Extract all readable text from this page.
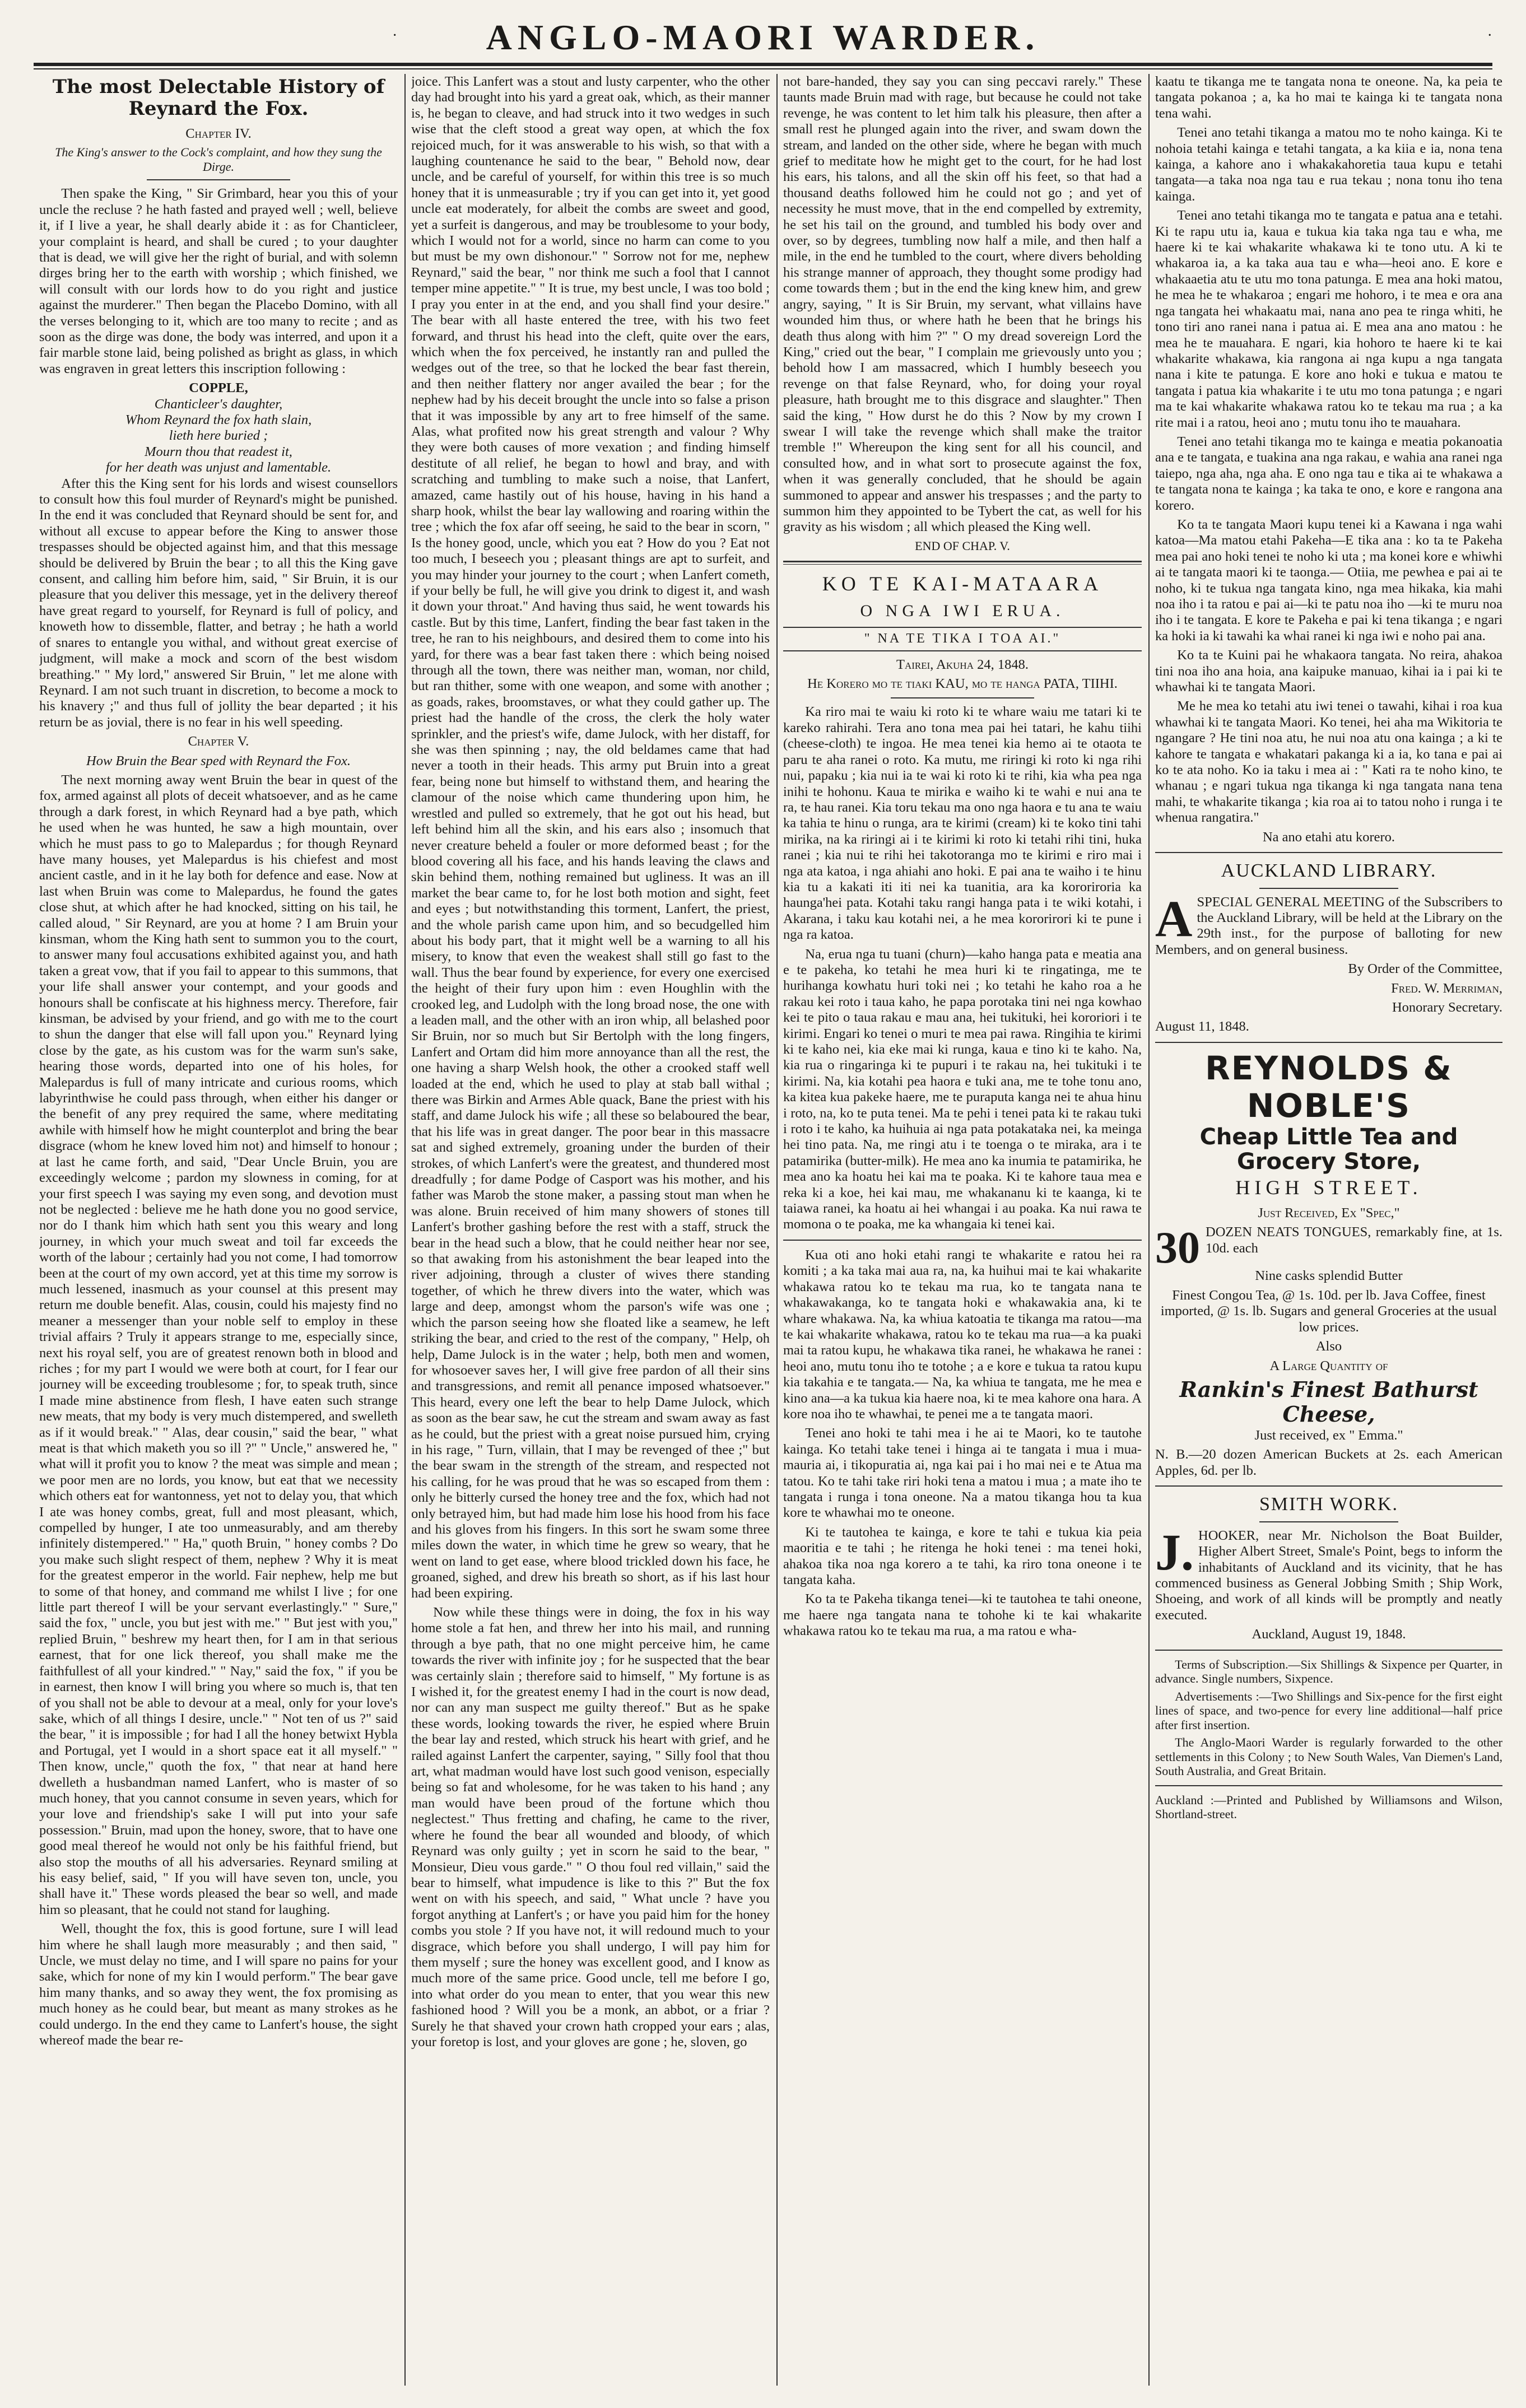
· ANGLO-MAORI WARDER.	·
The most Delectable History of Reynard the Fox.

Chapter IV.

The King's answer to the Cock's complaint, and how they sung the Dirge.

Then spake the King, " Sir Grimbard, hear you this of your uncle the recluse ? he hath fasted and prayed well ; well, believe it, if I live a year, he shall dearly abide it : as for Chanticleer, your complaint is heard, and shall be cured ; to your daughter that is dead, we will give her the right of burial, and with solemn dirges bring her to the earth with worship ; which finished, we will consult with our lords how to do you right and justice against the murderer." Then began the Placebo Domino, with all the verses belonging to it, which are too many to recite ; and as soon as the dirge was done, the body was interred, and upon it a fair marble stone laid, being polished as bright as glass, in which was engraven in great letters this inscription following :

COPPLE,

Chanticleer's daughter,

Whom Reynard the fox hath slain,

lieth here buried ;

Mourn thou that readest it,

for her death was unjust and lamentable.

After this the King sent for his lords and wisest counsellors to consult how this foul murder of Reynard's might be punished. In the end it was concluded that Reynard should be sent for, and without all excuse to appear before the King to answer those trespasses should be objected against him, and that this message should be delivered by Bruin the bear ; to all this the King gave consent, and calling him before him, said, " Sir Bruin, it is our pleasure that you deliver this message, yet in the delivery thereof have great regard to yourself, for Reynard is full of policy, and knoweth how to dissemble, flatter, and betray ; he hath a world of snares to entangle you withal, and without great exercise of judgment, will make a mock and scorn of the best wisdom breathing." " My lord," answered Sir Bruin, " let me alone with Reynard. I am not such truant in discretion, to become a mock to his knavery ;" and thus full of jollity the bear departed ; it his return be as jovial, there is no fear in his well speeding.

Chapter V.

How Bruin the Bear sped with Reynard the Fox.

The next morning away went Bruin the bear in quest of the fox, armed against all plots of deceit whatsoever, and as he came through a dark forest, in which Reynard had a bye path, which he used when he was hunted, he saw a high mountain, over which he must pass to go to Malepardus ; for though Reynard have many houses, yet Malepardus is his chiefest and most ancient castle, and in it he lay both for defence and ease. Now at last when Bruin was come to Malepardus, he found the gates close shut, at which after he had knocked, sitting on his tail, he called aloud, " Sir Reynard, are you at home ? I am Bruin your kinsman, whom the King hath sent to summon you to the court, to answer many foul accusations exhibited against you, and hath taken a great vow, that if you fail to appear to this summons, that your life shall answer your contempt, and your goods and honours shall be confiscate at his highness mercy. Therefore, fair kinsman, be advised by your friend, and go with me to the court to shun the danger that else will fall upon you." Reynard lying close by the gate, as his custom was for the warm sun's sake, hearing those words, departed into one of his holes, for Malepardus is full of many intricate and curious rooms, which labyrinthwise he could pass through, when either his danger or the benefit of any prey required the same, where meditating awhile with himself how he might counterplot and bring the bear disgrace (whom he knew loved him not) and himself to honour ; at last he came forth, and said, "Dear Uncle Bruin, you are exceedingly welcome ; pardon my slowness in coming, for at your first speech I was saying my even song, and devotion must not be neglected : believe me he hath done you no good service, nor do I thank him which hath sent you this weary and long journey, in which your much sweat and toil far exceeds the worth of the labour ; certainly had you not come, I had tomorrow been at the court of my own accord, yet at this time my sorrow is much lessened, inasmuch as your counsel at this present may return me double benefit. Alas, cousin, could his majesty find no meaner a messenger than your noble self to employ in these trivial affairs ? Truly it appears strange to me, especially since, next his royal self, you are of greatest renown both in blood and riches ; for my part I would we were both at court, for I fear our journey will be exceeding troublesome ; for, to speak truth, since I made mine abstinence from flesh, I have eaten such strange new meats, that my body is very much distempered, and swelleth as if it would break." " Alas, dear cousin," said the bear, " what meat is that which maketh you so ill ?" " Uncle," answered he, " what will it profit you to know ? the meat was simple and mean ; we poor men are no lords, you know, but eat that we necessity which others eat for wantonness, yet not to delay you, that which I ate was honey combs, great, full and most pleasant, which, compelled by hunger, I ate too unmeasurably, and am thereby infinitely distempered." " Ha," quoth Bruin, " honey combs ? Do you make such slight respect of them, nephew ? Why it is meat for the greatest emperor in the world. Fair nephew, help me but to some of that honey, and command me whilst I live ; for one little part thereof I will be your servant everlastingly." " Sure," said the fox, " uncle, you but jest with me." " But jest with you," replied Bruin, " beshrew my heart then, for I am in that serious earnest, that for one lick thereof, you shall make me the faithfullest of all your kindred." " Nay," said the fox, " if you be in earnest, then know I will bring you where so much is, that ten of you shall not be able to devour at a meal, only for your love's sake, which of all things I desire, uncle." " Not ten of us ?" said the bear, " it is impossible ; for had I all the honey betwixt Hybla and Portugal, yet I would in a short space eat it all myself." " Then know, uncle," quoth the fox, " that near at hand here dwelleth a husbandman named Lanfert, who is master of so much honey, that you cannot consume in seven years, which for your love and friendship's sake I will put into your safe possession." Bruin, mad upon the honey, swore, that to have one good meal thereof he would not only be his faithful friend, but also stop the mouths of all his adversaries. Reynard smiling at his easy belief, said, " If you will have seven ton, uncle, you shall have it." These words pleased the bear so well, and made him so pleasant, that he could not stand for laughing.

Well, thought the fox, this is good fortune, sure I will lead him where he shall laugh more measurably ; and then said, " Uncle, we must delay no time, and I will spare no pains for your sake, which for none of my kin I would perform." The bear gave him many thanks, and so away they went, the fox promising as much honey as he could bear, but meant as many strokes as he could undergo. In the end they came to Lanfert's house, the sight whereof made the bear re-

joice. This Lanfert was a stout and lusty carpenter, who the other day had brought into his yard a great oak, which, as their manner is, he began to cleave, and had struck into it two wedges in such wise that the cleft stood a great way open, at which the fox rejoiced much, for it was answerable to his wish, so that with a laughing countenance he said to the bear, " Behold now, dear uncle, and be careful of yourself, for within this tree is so much honey that it is unmeasurable ; try if you can get into it, yet good uncle eat moderately, for albeit the combs are sweet and good, yet a surfeit is dangerous, and may be troublesome to your body, which I would not for a world, since no harm can come to you but must be my own dishonour." " Sorrow not for me, nephew Reynard," said the bear, " nor think me such a fool that I cannot temper mine appetite." " It is true, my best uncle, I was too bold ; I pray you enter in at the end, and you shall find your desire." The bear with all haste entered the tree, with his two feet forward, and thrust his head into the cleft, quite over the ears, which when the fox perceived, he instantly ran and pulled the wedges out of the tree, so that he locked the bear fast therein, and then neither flattery nor anger availed the bear ; for the nephew had by his deceit brought the uncle into so false a prison that it was impossible by any art to free himself of the same. Alas, what profited now his great strength and valour ? Why they were both causes of more vexation ; and finding himself destitute of all relief, he began to howl and bray, and with scratching and tumbling to make such a noise, that Lanfert, amazed, came hastily out of his house, having in his hand a sharp hook, whilst the bear lay wallowing and roaring within the tree ; which the fox afar off seeing, he said to the bear in scorn, " Is the honey good, uncle, which you eat ? How do you ? Eat not too much, I beseech you ; pleasant things are apt to surfeit, and you may hinder your journey to the court ; when Lanfert cometh, if your belly be full, he will give you drink to digest it, and wash it down your throat." And having thus said, he went towards his castle. But by this time, Lanfert, finding the bear fast taken in the tree, he ran to his neighbours, and desired them to come into his yard, for there was a bear fast taken there : which being noised through all the town, there was neither man, woman, nor child, but ran thither, some with one weapon, and some with another ; as goads, rakes, broomstaves, or what they could gather up. The priest had the handle of the cross, the clerk the holy water sprinkler, and the priest's wife, dame Julock, with her distaff, for she was then spinning ; nay, the old beldames came that had never a tooth in their heads. This army put Bruin into a great fear, being none but himself to withstand them, and hearing the clamour of the noise which came thundering upon him, he wrestled and pulled so extremely, that he got out his head, but left behind him all the skin, and his ears also ; insomuch that never creature beheld a fouler or more deformed beast ; for the blood covering all his face, and his hands leaving the claws and skin behind them, nothing remained but ugliness. It was an ill market the bear came to, for he lost both motion and sight, feet and eyes ; but notwithstanding this torment, Lanfert, the priest, and the whole parish came upon him, and so becudgelled him about his body part, that it might well be a warning to all his misery, to know that even the weakest shall still go fast to the wall. Thus the bear found by experience, for every one exercised the height of their fury upon him : even Houghlin with the crooked leg, and Ludolph with the long broad nose, the one with a leaden mall, and the other with an iron whip, all belashed poor Sir Bruin, nor so much but Sir Bertolph with the long fingers, Lanfert and Ortam did him more annoyance than all the rest, the one having a sharp Welsh hook, the other a crooked staff well loaded at the end, which he used to play at stab ball withal ; there was Birkin and Armes Able quack, Bane the priest with his staff, and dame Julock his wife ; all these so belaboured the bear, that his life was in great danger. The poor bear in this massacre sat and sighed extremely, groaning under the burden of their strokes, of which Lanfert's were the greatest, and thundered most dreadfully ; for dame Podge of Casport was his mother, and his father was Marob the stone maker, a passing stout man when he was alone. Bruin received of him many showers of stones till Lanfert's brother gashing before the rest with a staff, struck the bear in the head such a blow, that he could neither hear nor see, so that awaking from his astonishment the bear leaped into the river adjoining, through a cluster of wives there standing together, of which he threw divers into the water, which was large and deep, amongst whom the parson's wife was one ; which the parson seeing how she floated like a seamew, he left striking the bear, and cried to the rest of the company, " Help, oh help, Dame Julock is in the water ; help, both men and women, for whosoever saves her, I will give free pardon of all their sins and transgressions, and remit all penance imposed whatsoever." This heard, every one left the bear to help Dame Julock, which as soon as the bear saw, he cut the stream and swam away as fast as he could, but the priest with a great noise pursued him, crying in his rage, " Turn, villain, that I may be revenged of thee ;" but the bear swam in the strength of the stream, and respected not his calling, for he was proud that he was so escaped from them : only he bitterly cursed the honey tree and the fox, which had not only betrayed him, but had made him lose his hood from his face and his gloves from his fingers. In this sort he swam some three miles down the water, in which time he grew so weary, that he went on land to get ease, where blood trickled down his face, he groaned, sighed, and drew his breath so short, as if his last hour had been expiring.

Now while these things were in doing, the fox in his way home stole a fat hen, and threw her into his mail, and running through a bye path, that no one might perceive him, he came towards the river with infinite joy ; for he suspected that the bear was certainly slain ; therefore said to himself, " My fortune is as I wished it, for the greatest enemy I had in the court is now dead, nor can any man suspect me guilty thereof." But as he spake these words, looking towards the river, he espied where Bruin the bear lay and rested, which struck his heart with grief, and he railed against Lanfert the carpenter, saying, " Silly fool that thou art, what madman would have lost such good venison, especially being so fat and wholesome, for he was taken to his hand ; any man would have been proud of the fortune which thou neglectest." Thus fretting and chafing, he came to the river, where he found the bear all wounded and bloody, of which Reynard was only guilty ; yet in scorn he said to the bear, " Monsieur, Dieu vous garde." " O thou foul red villain," said the bear to himself, what impudence is like to this ?" But the fox went on with his speech, and said, " What uncle ? have you forgot anything at Lanfert's ; or have you paid him for the honey combs you stole ? If you have not, it will redound much to your disgrace, which before you shall undergo, I will pay him for them myself ; sure the honey was excellent good, and I know as much more of the same price. Good uncle, tell me before I go, into what order do you mean to enter, that you wear this new fashioned hood ? Will you be a monk, an abbot, or a friar ? Surely he that shaved your crown hath cropped your ears ; alas, your foretop is lost, and your gloves are gone ; he, sloven, go

not bare-handed, they say you can sing peccavi rarely." These taunts made Bruin mad with rage, but because he could not take revenge, he was content to let him talk his pleasure, then after a small rest he plunged again into the river, and swam down the stream, and landed on the other side, where he began with much grief to meditate how he might get to the court, for he had lost his ears, his talons, and all the skin off his feet, so that had a thousand deaths followed him he could not go ; and yet of necessity he must move, that in the end compelled by extremity, he set his tail on the ground, and tumbled his body over and over, so by degrees, tumbling now half a mile, and then half a mile, in the end he tumbled to the court, where divers beholding his strange manner of approach, they thought some prodigy had come towards them ; but in the end the king knew him, and grew angry, saying, " It is Sir Bruin, my servant, what villains have wounded him thus, or where hath he been that he brings his death thus along with him ?" " O my dread sovereign Lord the King," cried out the bear, " I complain me grievously unto you ; behold how I am massacred, which I humbly beseech you revenge on that false Reynard, who, for doing your royal pleasure, hath brought me to this disgrace and slaughter." Then said the king, " How durst he do this ? Now by my crown I swear I will take the revenge which shall make the traitor tremble !" Whereupon the king sent for all his council, and consulted how, and in what sort to prosecute against the fox, when it was generally concluded, that he should be again summoned to appear and answer his trespasses ; and the party to summon him they appointed to be Tybert the cat, as well for his gravity as his wisdom ; all which pleased the King well.

END OF CHAP. V.

KO TE KAI-MATAARA
O NGA IWI ERUA.
" NA TE TIKA I TOA AI."

Tairei, Akuha 24, 1848.

He Korero mo te tiaki KAU, mo te hanga PATA, TIIHI.

Ka riro mai te waiu ki roto ki te whare waiu me tatari ki te kareko rahirahi. Tera ano tona mea pai hei tatari, he kahu tiihi (cheese-cloth) te ingoa. He mea tenei kia hemo ai te otaota te paru te aha ranei o roto. Ka mutu, me riringi ki roto ki nga rihi nui, papaku ; kia nui ia te wai ki roto ki te rihi, kia wha pea nga inihi te hohonu. Kaua te mirika e waiho ki te wahi e nui ana te ra, te hau ranei. Kia toru tekau ma ono nga haora e tu ana te waiu ka tahia te hinu o runga, ara te kirimi (cream) ki te koko tini tahi mirika, na ka riringi ai i te kirimi ki roto ki tetahi rihi tini, huka ranei ; kia nui te rihi hei takotoranga mo te kirimi e riro mai i nga ata katoa, i nga ahiahi ano hoki. E pai ana te waiho i te hinu kia tu a kakati iti iti nei ka tuanitia, ara ka kororiroria ka haunga'hei pata. Kotahi taku rangi hanga pata i te wiki kotahi, i Akarana, i taku kau kotahi nei, a he mea kororirori ki te pune i nga ra katoa.

Na, erua nga tu tuani (churn)—kaho hanga pata e meatia ana e te pakeha, ko tetahi he mea huri ki te ringatinga, me te hurihanga kowhatu huri toki nei ; ko tetahi he kaho roa a he rakau kei roto i taua kaho, he papa porotaka tini nei nga kowhao kei te pito o taua rakau e mau ana, hei tukituki, hei kororiori i te kirimi. Engari ko tenei o muri te mea pai rawa. Ringihia te kirimi ki te kaho nei, kia eke mai ki runga, kaua e tino ki te kaho. Na, kia rua o ringaringa ki te pupuri i te rakau na, hei tukituki i te kirimi. Na, kia kotahi pea haora e tuki ana, me te tohe tonu ano, ka kitea kua pakeke haere, me te puraputa kanga nei te ahua hinu i roto, na, ko te puta tenei. Ma te pehi i tenei pata ki te rakau tuki i roto i te kaho, ka huihuia ai nga pata potakataka nei, ka meinga hei tino pata. Na, me ringi atu i te toenga o te miraka, ara i te patamirika (butter-milk). He mea ano ka inumia te patamirika, he mea ano ka hoatu hei kai ma te poaka. Ki te kahore taua mea e reka ki a koe, hei kai mau, me whakananu ki te kaanga, ki te taiawa ranei, ka hoatu ai hei whangai i au poaka. Ka nui rawa te momona o te poaka, me ka whangaia ki tenei kai.

Kua oti ano hoki etahi rangi te whakarite e ratou hei ra komiti ; a ka taka mai aua ra, na, ka huihui mai te kai whakarite whakawa ratou ko te tekau ma rua, ko te tangata nana te whakawakanga, ko te tangata hoki e whakawakia ana, ki te whare whakawa. Na, ka whiua katoatia te tikanga ma ratou—ma te kai whakarite whakawa, ratou ko te tekau ma rua—a ka puaki mai ta ratou kupu, he whakawa tika ranei, he whakawa he ranei : heoi ano, mutu tonu iho te totohe ; a e kore e tukua ta ratou kupu kia takahia e te tangata.— Na, ka whiua te tangata, me he mea e kino ana—a ka tukua kia haere noa, ki te mea kahore ona hara. A kore noa iho te whawhai, te penei me a te tangata maori.

Tenei ano hoki te tahi mea i he ai te Maori, ko te tautohe kainga. Ko tetahi take tenei i hinga ai te tangata i mua i mua-mauria ai, i tikopuratia ai, nga kai pai i ho mai nei e te Atua ma tatou. Ko te tahi take riri hoki tena a matou i mua ; a mate iho te tangata i runga i tona oneone. Na a matou tikanga hou ta kua kore te whawhai mo te oneone.

Ki te tautohea te kainga, e kore te tahi e tukua kia peia maoritia e te tahi ; he ritenga he hoki tenei : ma tenei hoki, ahakoa tika noa nga korero a te tahi, ka riro tona oneone i te tangata kaha.

Ko ta te Pakeha tikanga tenei—ki te tautohea te tahi oneone, me haere nga tangata nana te tohohe ki te kai whakarite whakawa ratou ko te tekau ma rua, a ma ratou e wha-

kaatu te tikanga me te tangata nona te oneone. Na, ka peia te tangata pokanoa ; a, ka ho mai te kainga ki te tangata nona tena wahi.

Tenei ano tetahi tikanga a matou mo te noho kainga. Ki te nohoia tetahi kainga e tetahi tangata, a ka kiia e ia, nona tena kainga, a kahore ano i whakakahoretia taua kupu e tetahi tangata—a taka noa nga tau e rua tekau ; nona tonu iho tena kainga.

Tenei ano tetahi tikanga mo te tangata e patua ana e tetahi. Ki te rapu utu ia, kaua e tukua kia taka nga tau e wha, me haere ki te kai whakarite whakawa ki te tono utu. A ki te whakaroa ia, a ka taka aua tau e wha—heoi ano. E kore e whakaaetia atu te utu mo tona patunga. E mea ana hoki matou, he mea he te whakaroa ; engari me hohoro, i te mea e ora ana nga tangata hei whakaatu mai, nana ano pea te ringa whiti, he tono tiri ano ranei nana i patua ai. E mea ana ano matou : he mea he te mauahara. E ngari, kia hohoro te haere ki te kai whakarite whakawa, kia rangona ai nga kupu a nga tangata nana i kite te patunga. E kore ano hoki e tukua e matou te tangata i patua kia whakarite i te utu mo tona patunga ; e ngari ma te kai whakarite whakawa ratou ko te tekau ma rua ; a ka rite mai i a ratou, heoi ano ; mutu tonu iho te mauahara.

Tenei ano tetahi tikanga mo te kainga e meatia pokanoatia ana e te tangata, e tuakina ana nga rakau, e wahia ana ranei nga taiepo, nga aha, nga aha. E ono nga tau e tika ai te whakawa a te tangata nona te kainga ; ka taka te ono, e kore e rangona ana korero.

Ko ta te tangata Maori kupu tenei ki a Kawana i nga wahi katoa—Ma matou etahi Pakeha—E tika ana : ko ta te Pakeha mea pai ano hoki tenei te noho ki uta ; ma konei kore e whiwhi ai te tangata maori ki te taonga.— Otiia, me pewhea e pai ai te noho, ki te tukua nga tangata kino, nga mea hikaka, kia mahi noa iho i ta ratou e pai ai—ki te patu noa iho —ki te muru noa iho i te tangata. E kore te Pakeha e pai ki tena tikanga ; e ngari ka hoki ia ki tawahi ka whai ranei ki nga iwi e noho pai ana.

Ko ta te Kuini pai he whakaora tangata. No reira, ahakoa tini noa iho ana hoia, ana kaipuke manuao, kihai ia i pai ki te whawhai ki te tangata Maori.

Me he mea ko tetahi atu iwi tenei o tawahi, kihai i roa kua whawhai ki te tangata Maori. Ko tenei, hei aha ma Wikitoria te ngangare ? He tini noa atu, he nui noa atu ona kainga ; a ki te kahore te tangata e whakatari pakanga ki a ia, ko tana e pai ai ko te ata noho. Ko ia taku i mea ai : " Kati ra te noho kino, te whanau ; e ngari tukua nga tikanga ki nga tangata nana tena mahi, te whakarite tikanga ; kia roa ai to tatou noho i runga i te whenua rangatira."

Na ano etahi atu korero.

AUCKLAND LIBRARY.

ASPECIAL GENERAL MEETING of the Subscribers to the Auckland Library, will be held at the Library on the 29th inst., for the purpose of balloting for new Members, and on general business.

By Order of the Committee,

Fred. W. Merriman,

Honorary Secretary.

August 11, 1848.

REYNOLDS & NOBLE'S
Cheap Little Tea and Grocery Store,
HIGH STREET.

Just Received, Ex "Spec,"

30 DOZEN NEATS TONGUES, remarkably fine, at 1s. 10d. each

Nine casks splendid Butter

Finest Congou Tea, @ 1s. 10d. per lb. Java Coffee, finest imported, @ 1s. lb. Sugars and general Groceries at the usual low prices.

Also

A Large Quantity of

Rankin's Finest Bathurst Cheese,

Just received, ex " Emma."

N. B.—20 dozen American Buckets at 2s. each American Apples, 6d. per lb.

SMITH WORK.

J. HOOKER, near Mr. Nicholson the Boat Builder, Higher Albert Street, Smale's Point, begs to inform the inhabitants of Auckland and its vicinity, that he has commenced business as General Jobbing Smith ; Ship Work, Shoeing, and work of all kinds will be promptly and neatly executed.

Auckland, August 19, 1848.

Terms of Subscription.—Six Shillings & Sixpence per Quarter, in advance. Single numbers, Sixpence.

Advertisements :—Two Shillings and Six-pence for the first eight lines of space, and two-pence for every line additional—half price after first insertion.

The Anglo-Maori Warder is regularly forwarded to the other settlements in this Colony ; to New South Wales, Van Diemen's Land, South Australia, and Great Britain.

Auckland :—Printed and Published by Williamsons and Wilson, Shortland-street.
